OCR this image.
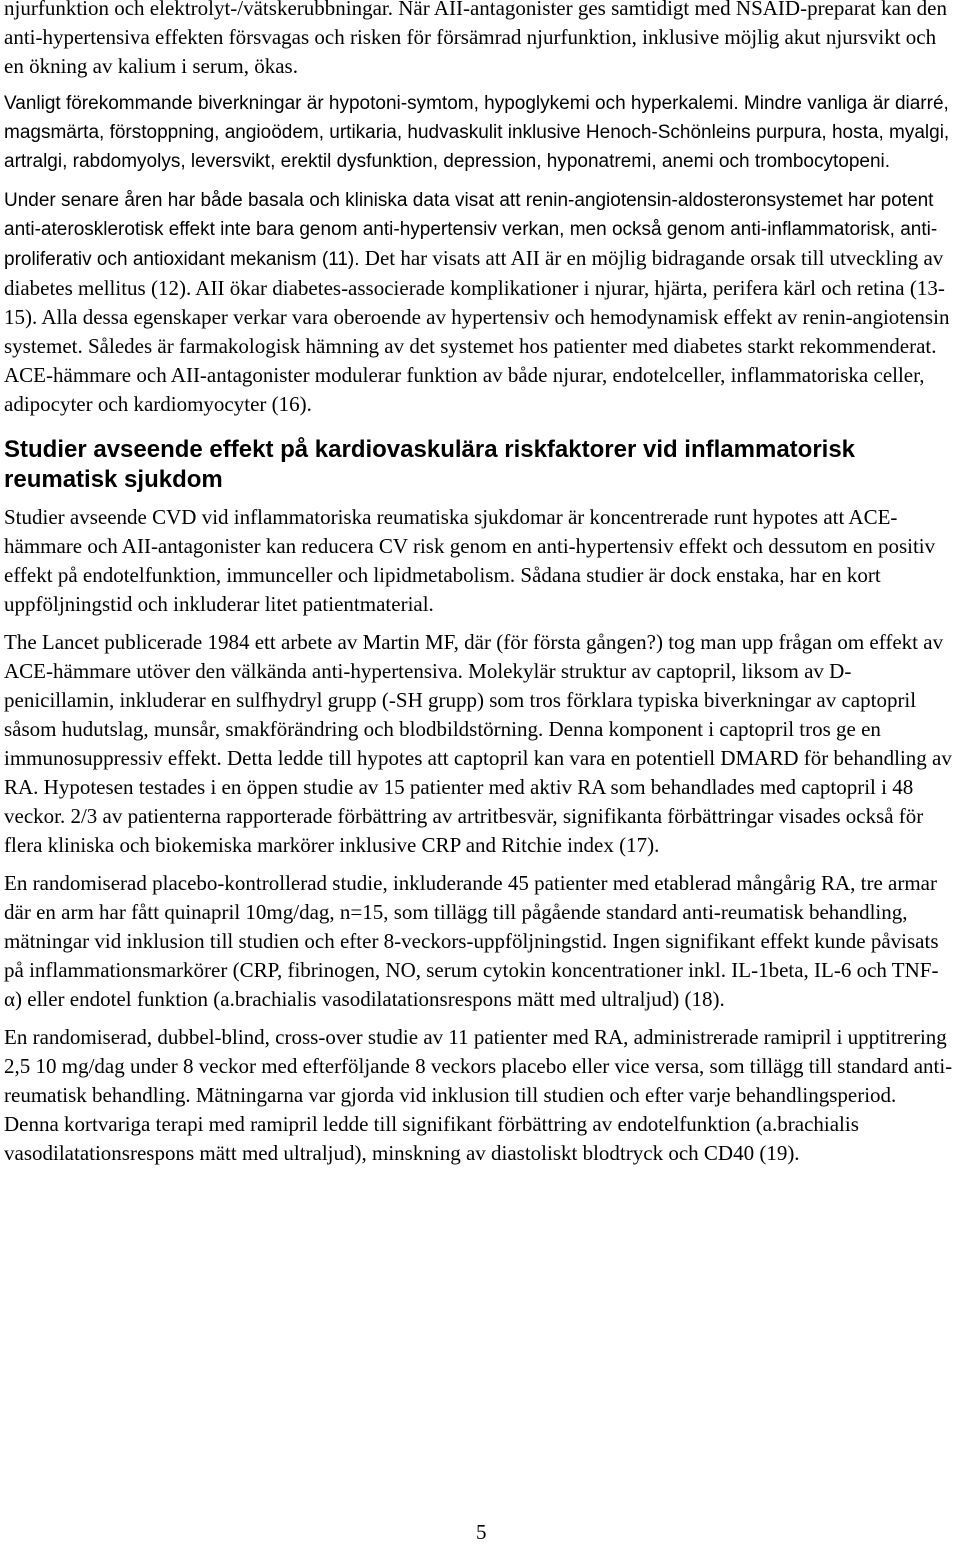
njurfunktion och elektrolyt-/vätskerubbningar. När AII-antagonister ges samtidigt med NSAID-preparat kan den anti-hypertensiva effekten försvagas och risken för försämrad njurfunktion, inklusive möjlig akut njursvikt och en ökning av kalium i serum, ökas.

Vanligt förekommande biverkningar är hypotoni-symtom, hypoglykemi och hyperkalemi. Mindre vanliga är diarré, magsmärta, förstoppning, angioödem, urtikaria, hudvaskulit inklusive Henoch-Schönleins purpura, hosta, myalgi, artralgi, rabdomyolys, leversvikt, erektil dysfunktion, depression, hyponatremi, anemi och trombocytopeni.

Under senare åren har både basala och kliniska data visat att renin-angiotensin-aldosteronsystemet har potent anti-aterosklerotisk effekt inte bara genom anti-hypertensiv verkan, men också genom anti-inflammatorisk, anti-proliferativ och antioxidant mekanism (11). Det har visats att AII är en möjlig bidragande orsak till utveckling av diabetes mellitus (12). AII ökar diabetes-associerade komplikationer i njurar, hjärta, perifera kärl och retina (13-15). Alla dessa egenskaper verkar vara oberoende av hypertensiv och hemodynamisk effekt av renin-angiotensin systemet. Således är farmakologisk hämning av det systemet hos patienter med diabetes starkt rekommenderat. ACE-hämmare och AII-antagonister modulerar funktion av både njurar, endotelceller, inflammatoriska celler, adipocyter och kardiomyocyter (16).

Studier avseende effekt på kardiovaskulära riskfaktorer vid inflammatorisk reumatisk sjukdom

Studier avseende CVD vid inflammatoriska reumatiska sjukdomar är koncentrerade runt hypotes att ACE-hämmare och AII-antagonister kan reducera CV risk genom en anti-hypertensiv effekt och dessutom en positiv effekt på endotelfunktion, immunceller och lipidmetabolism. Sådana studier är dock enstaka, har en kort uppföljningstid och inkluderar litet patientmaterial.

The Lancet publicerade 1984 ett arbete av Martin MF, där (för första gången?) tog man upp frågan om effekt av ACE-hämmare utöver den välkända anti-hypertensiva. Molekylär struktur av captopril, liksom av D-penicillamin, inkluderar en sulfhydryl grupp (-SH grupp) som tros förklara typiska biverkningar av captopril såsom hudutslag, munsår, smakförändring och blodbildstörning. Denna komponent i captopril tros ge en immunosuppressiv effekt. Detta ledde till hypotes att captopril kan vara en potentiell DMARD för behandling av RA. Hypotesen testades i en öppen studie av 15 patienter med aktiv RA som behandlades med captopril i 48 veckor. 2/3 av patienterna rapporterade förbättring av artritbesvär, signifikanta förbättringar visades också för flera kliniska och biokemiska markörer inklusive CRP and Ritchie index (17).

En randomiserad placebo-kontrollerad studie, inkluderande 45 patienter med etablerad mångårig RA, tre armar där en arm har fått quinapril 10mg/dag, n=15, som tillägg till pågående standard anti-reumatisk behandling, mätningar vid inklusion till studien och efter 8-veckors-uppföljningstid. Ingen signifikant effekt kunde påvisats på inflammationsmarkörer (CRP, fibrinogen, NO, serum cytokin koncentrationer inkl. IL-1beta, IL-6 och TNF-α) eller endotel funktion (a.brachialis vasodilatationsrespons mätt med ultraljud) (18).

En randomiserad, dubbel-blind, cross-over studie av 11 patienter med RA, administrerade ramipril i upptitrering 2,5 10 mg/dag under 8 veckor med efterföljande 8 veckors placebo eller vice versa, som tillägg till standard anti-reumatisk behandling. Mätningarna var gjorda vid inklusion till studien och efter varje behandlingsperiod. Denna kortvariga terapi med ramipril ledde till signifikant förbättring av endotelfunktion (a.brachialis vasodilatationsrespons mätt med ultraljud), minskning av diastoliskt blodtryck och CD40 (19).

5
